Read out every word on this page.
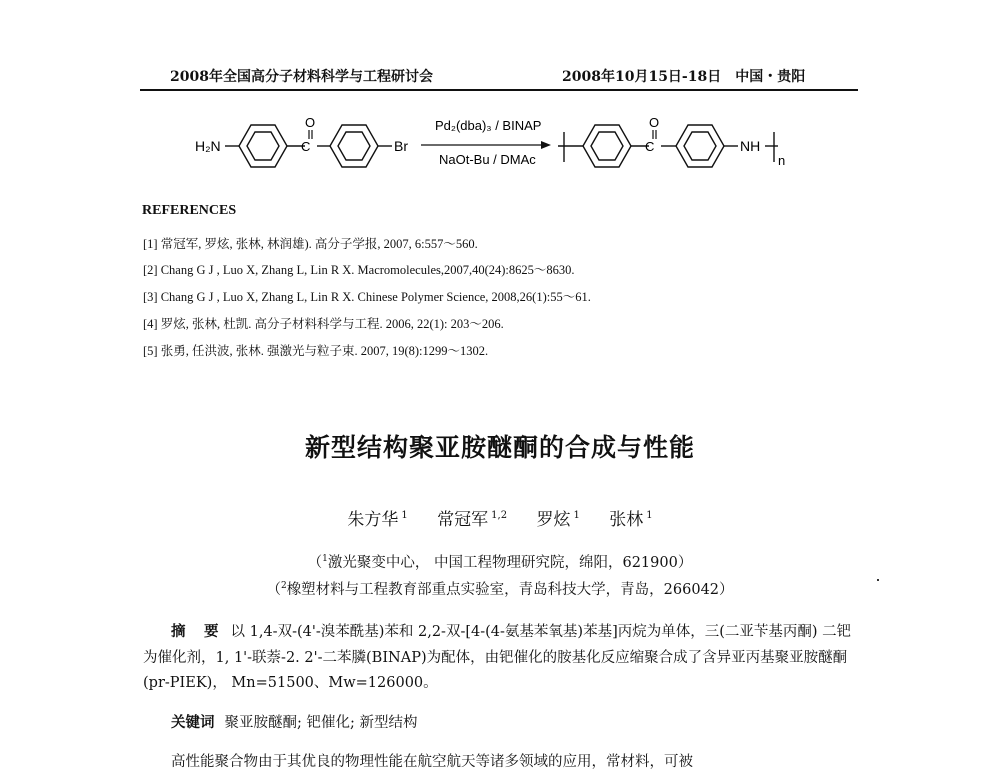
2008年全国高分子材料科学与工程研讨会	2008年10月15日-18日　中国・贵阳
H₂N	C
O
Br
Pd₂(dba)₃ / BINAP
NaOt-Bu / DMAc
C
O
NH
n
REFERENCES
[1] 常冠军, 罗炫, 张林, 林润雄). 高分子学报, 2007, 6:557～560.
[2] Chang G J , Luo X, Zhang L, Lin R X. Macromolecules,2007,40(24):8625～8630.
[3] Chang G J , Luo X, Zhang L, Lin R X. Chinese Polymer Science, 2008,26(1):55～61.
[4] 罗炫, 张林, 杜凯. 高分子材料科学与工程. 2006, 22(1): 203～206.
[5] 张勇, 任洪波, 张林. 强激光与粒子束. 2007, 19(8):1299～1302.
新型结构聚亚胺醚酮的合成与性能
朱方华 $^1$ 常冠军 $^{1,2}$ 罗炫 $^1$ 张林 $^1$
（$^1$激光聚变中心， 中国工程物理研究院，绵阳，621900）
（$^2$橡塑材料与工程教育部重点实验室，青岛科技大学，青岛，266042）

摘　要 以 1,4-双-(4'-溴苯酰基)苯和 2,2-双-[4-(4-氨基苯氧基)苯基]丙烷为单体，三(二亚苄基丙酮) 二钯为催化剂，1, 1'-联萘-2. 2'-二苯膦(BINAP)为配体，由钯催化的胺基化反应缩聚合成了含异亚丙基聚亚胺醚酮(pr-PIEK)， Mn=51500、Mw=126000。

关键词 聚亚胺醚酮; 钯催化; 新型结构
高性能聚合物由于其优良的物理性能在航空航天等诸多领域的应用，常材料，可被
